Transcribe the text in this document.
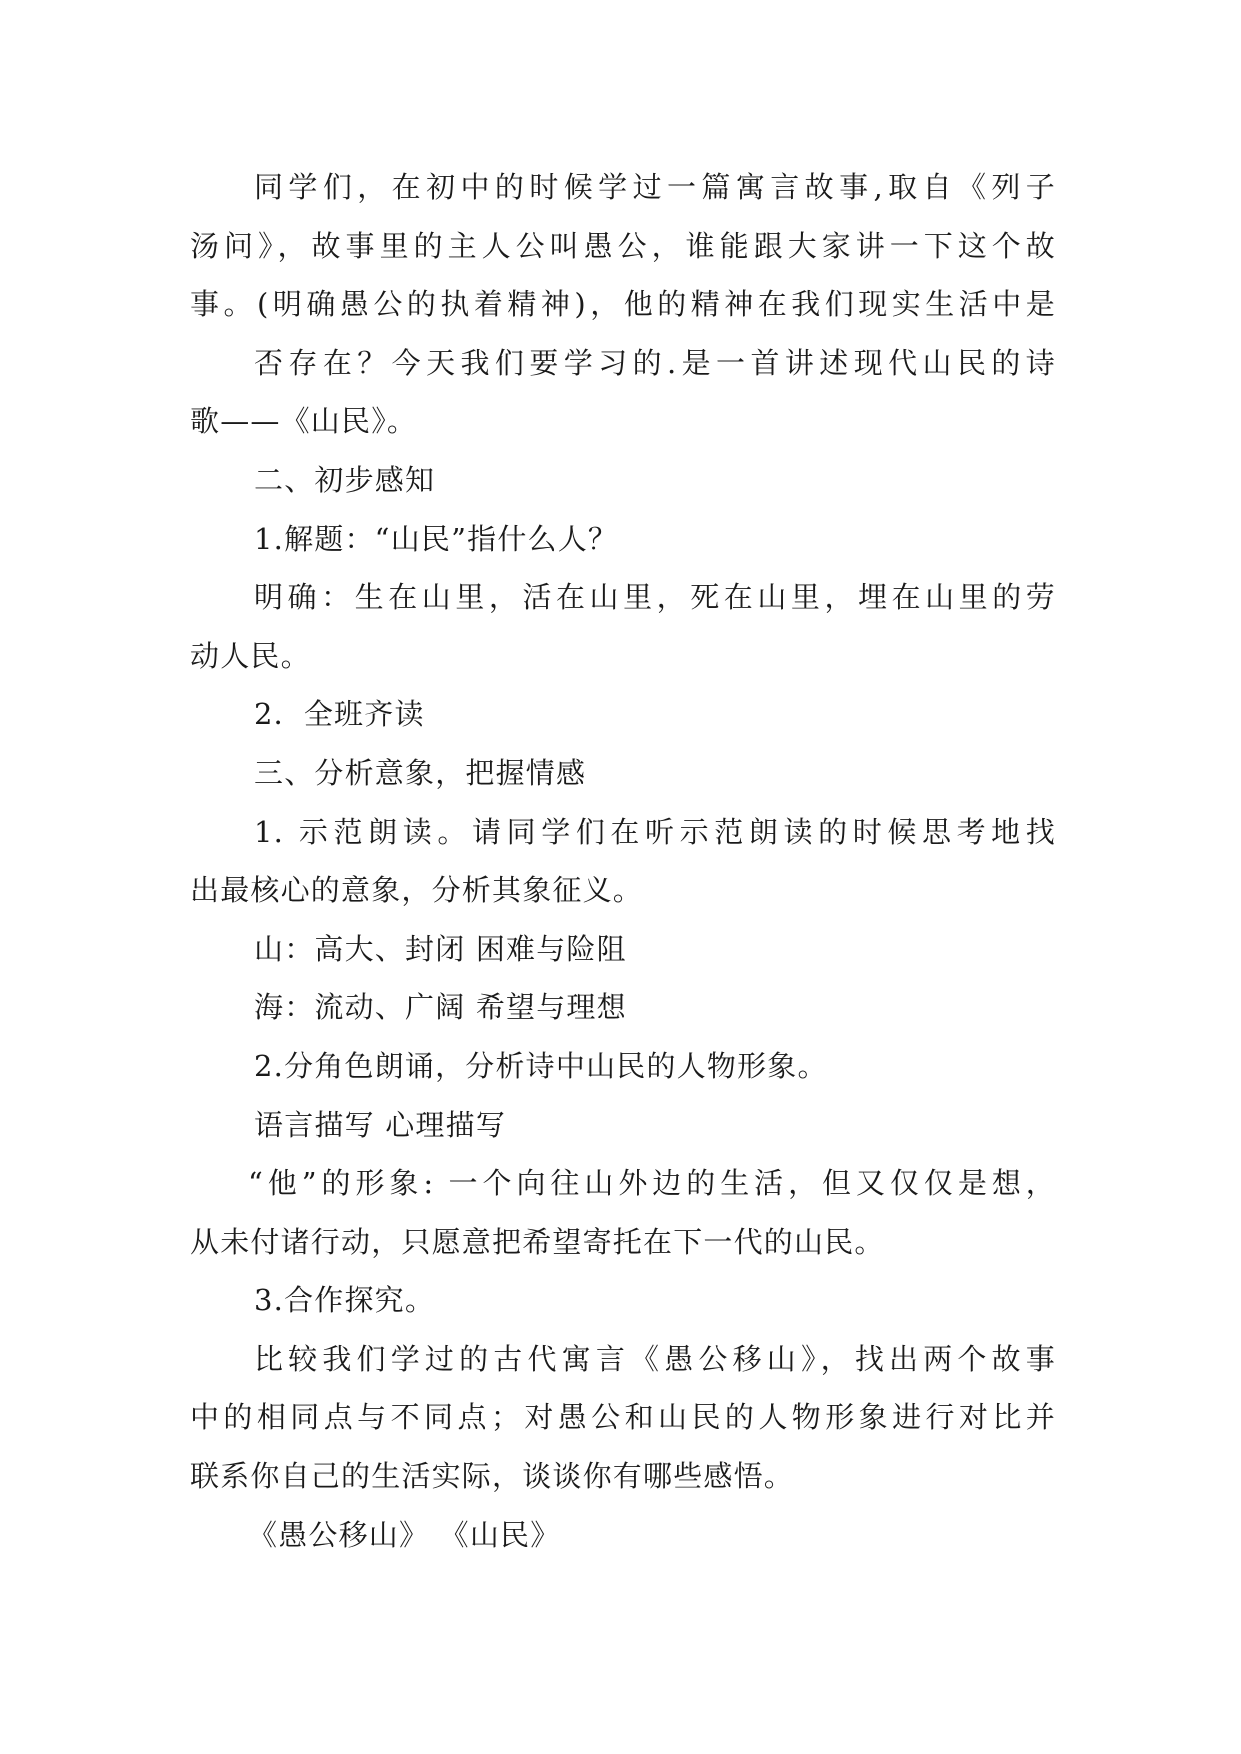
同学们，在初中的时候学过一篇寓言故事,取自《列子
汤问》，故事里的主人公叫愚公，谁能跟大家讲一下这个故
事。(明确愚公的执着精神)，他的精神在我们现实生活中是
否存在？今天我们要学习的.是一首讲述现代山民的诗
歌——《山民》。
二、初步感知
1.解题：“山民”指什么人？
明确：生在山里，活在山里，死在山里，埋在山里的劳
动人民。
2．全班齐读
三、分析意象，把握情感
1. 示范朗读。请同学们在听示范朗读的时候思考地找
出最核心的意象，分析其象征义。
山：高大、封闭 困难与险阻
海：流动、广阔 希望与理想
2.分角色朗诵，分析诗中山民的人物形象。
语言描写 心理描写
“他”的形象: 一个向往山外边的生活，但又仅仅是想，
从未付诸行动，只愿意把希望寄托在下一代的山民。
3.合作探究。
比较我们学过的古代寓言《愚公移山》，找出两个故事
中的相同点与不同点；对愚公和山民的人物形象进行对比并
联系你自己的生活实际，谈谈你有哪些感悟。
《愚公移山》 《山民》
